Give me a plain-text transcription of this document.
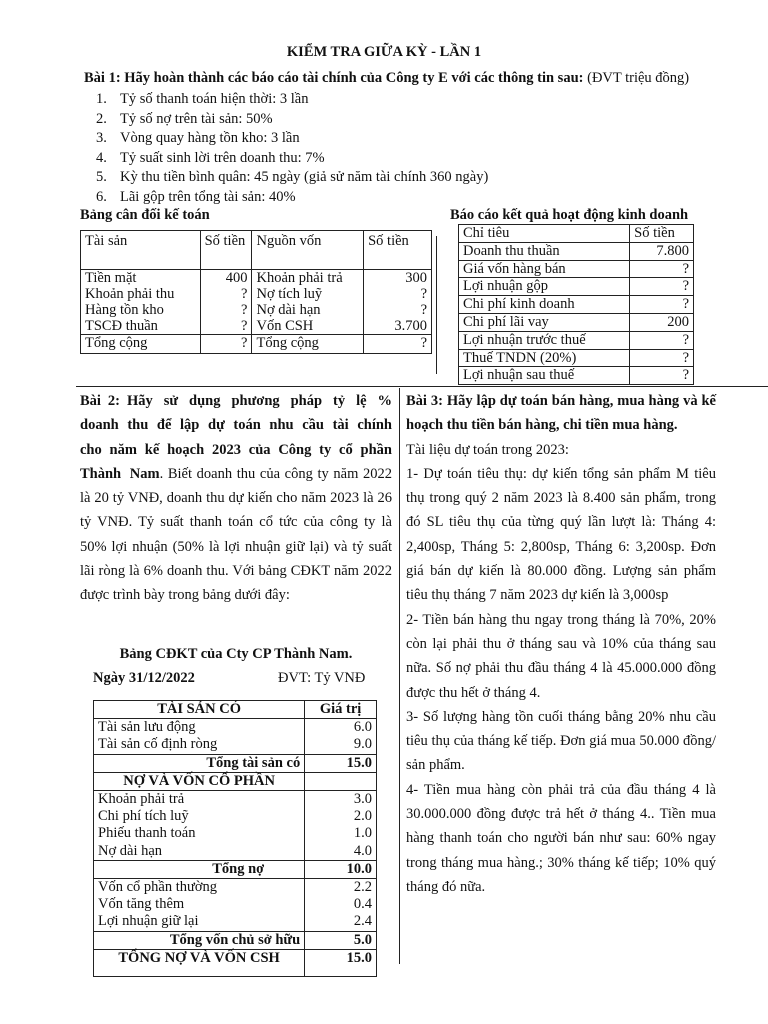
KIỂM TRA GIỮA KỲ - LẦN 1
Bài 1: Hãy hoàn thành các báo cáo tài chính của Công ty E với các thông tin sau: (ĐVT triệu đồng)
1. Tỷ số thanh toán hiện thời: 3 lần
2. Tỷ số nợ trên tài sản: 50%
3. Vòng quay hàng tồn kho: 3 lần
4. Tỷ suất sinh lời trên doanh thu: 7%
5. Kỳ thu tiền bình quân: 45 ngày (giả sử năm tài chính 360 ngày)
6. Lãi gộp trên tổng tài sản: 40%
Bảng cân đối kế toán	Báo cáo kết quả hoạt động kinh doanh
Tài sản	Số tiền	Nguồn vốn	Số tiền
Tiền mặt	400	Khoản phải trả	300
Khoản phải thu	?	Nợ tích luỹ	?
Hàng tồn kho	?	Nợ dài hạn	?
TSCĐ thuần	?	Vốn CSH	3.700
Tổng cộng	?	Tổng cộng	?
Chỉ tiêu	Số tiền
Doanh thu thuần	7.800
Giá vốn hàng bán	?
Lợi nhuận gộp	?
Chi phí kinh doanh	?
Chi phí lãi vay	200
Lợi nhuận trước thuế	?
Thuế TNDN (20%)	?
Lợi nhuận sau thuế	?
Bài 2: Hãy sử dụng phương pháp tỷ lệ % doanh thu để lập dự toán nhu cầu tài chính cho năm kế hoạch 2023 của Công ty cổ phần Thành Nam. Biết doanh thu của công ty năm 2022 là 20 tỷ VNĐ, doanh thu dự kiến cho năm 2023 là 26 tỷ VNĐ. Tỷ suất thanh toán cổ tức của công ty là 50% lợi nhuận (50% là lợi nhuận giữ lại) và tỷ suất lãi ròng là 6% doanh thu. Với bảng CĐKT năm 2022 được trình bày trong bảng dưới đây:
Bảng CĐKT của Cty CP Thành Nam.
Ngày 31/12/2022	ĐVT: Tỷ VNĐ
TÀI SẢN CÓ	Giá trị
Tài sản lưu động	6.0
Tài sản cố định ròng	9.0
Tổng tài sản có	15.0
NỢ VÀ VỐN CỔ PHẦN	
Khoản phải trả	3.0
Chi phí tích luỹ	2.0
Phiếu thanh toán	1.0
Nợ dài hạn	4.0
Tổng nợ	10.0
Vốn cổ phần thường	2.2
Vốn tăng thêm	0.4
Lợi nhuận giữ lại	2.4
Tổng vốn chủ sở hữu	5.0
TỔNG NỢ VÀ VỐN CSH	15.0
Bài 3: Hãy lập dự toán bán hàng, mua hàng và kế hoạch thu tiền bán hàng, chi tiền mua hàng.
Tài liệu dự toán trong 2023:
1- Dự toán tiêu thụ: dự kiến tổng sản phẩm M tiêu thụ trong quý 2 năm 2023 là 8.400 sản phẩm, trong đó SL tiêu thụ của từng quý lần lượt là: Tháng 4: 2,400sp, Tháng 5: 2,800sp, Tháng 6: 3,200sp. Đơn giá bán dự kiến là 80.000 đồng. Lượng sản phẩm tiêu thụ tháng 7 năm 2023 dự kiến là 3,000sp
2- Tiền bán hàng thu ngay trong tháng là 70%, 20% còn lại phải thu ở tháng sau và 10% của tháng sau nữa. Số nợ phải thu đầu tháng 4 là 45.000.000 đồng được thu hết ở tháng 4.
3- Số lượng hàng tồn cuối tháng bằng 20% nhu cầu tiêu thụ của tháng kế tiếp. Đơn giá mua 50.000 đồng/ sản phẩm.
4- Tiền mua hàng còn phải trả của đầu tháng 4 là 30.000.000 đồng được trả hết ở tháng 4.. Tiền mua hàng thanh toán cho người bán như sau: 60% ngay trong tháng mua hàng.; 30% tháng kế tiếp; 10% quý tháng đó nữa.
